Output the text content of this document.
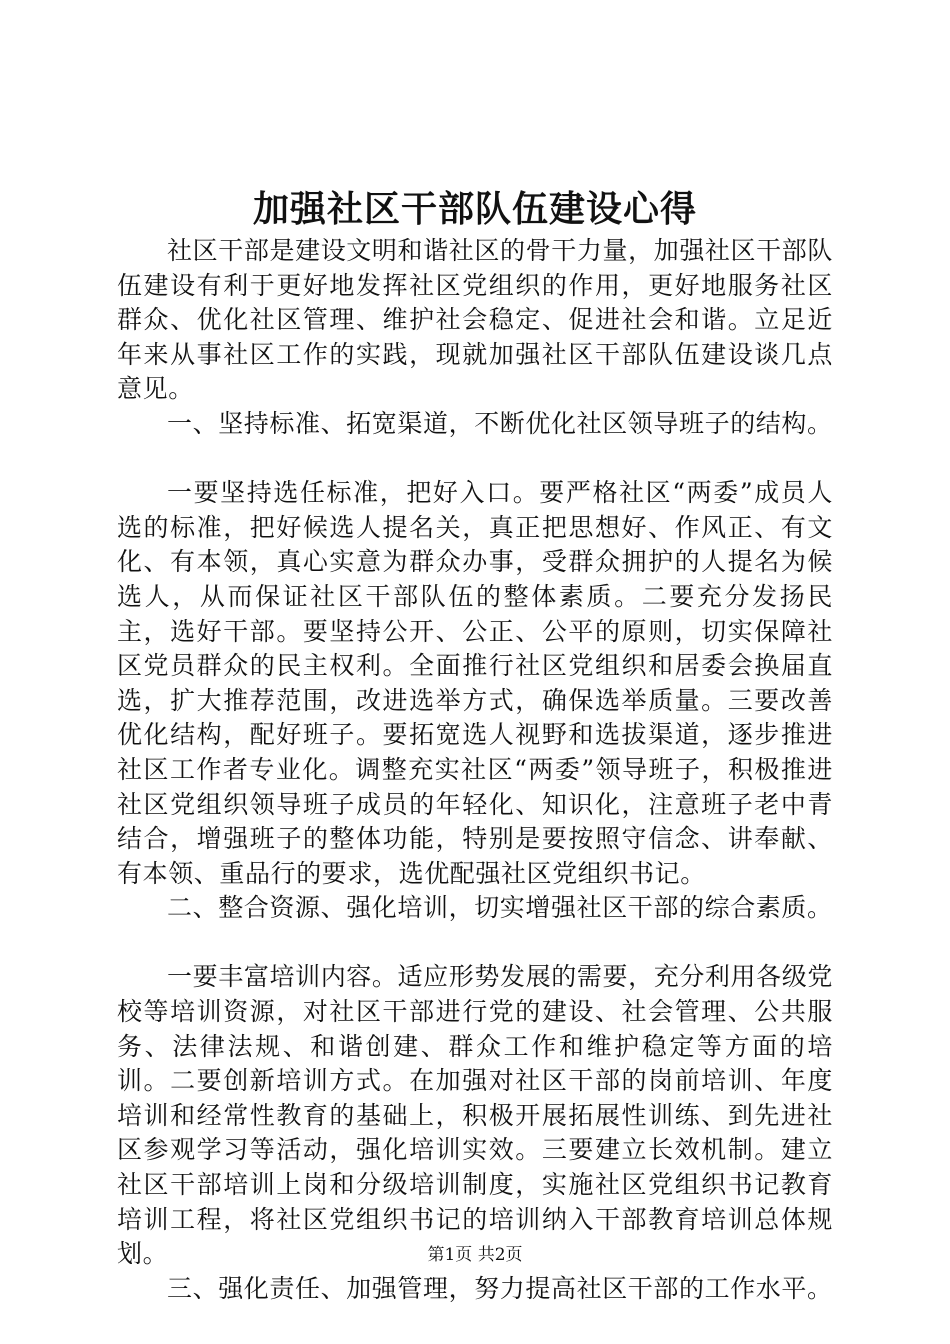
加强社区干部队伍建设心得

社区干部是建设文明和谐社区的骨干力量，加强社区干部队伍建设有利于更好地发挥社区党组织的作用，更好地服务社区群众、优化社区管理、维护社会稳定、促进社会和谐。立足近年来从事社区工作的实践，现就加强社区干部队伍建设谈几点意见。

一、坚持标准、拓宽渠道，不断优化社区领导班子的结构。

一要坚持选任标准，把好入口。要严格社区“两委”成员人选的标准，把好候选人提名关，真正把思想好、作风正、有文化、有本领，真心实意为群众办事，受群众拥护的人提名为候选人，从而保证社区干部队伍的整体素质。二要充分发扬民主，选好干部。要坚持公开、公正、公平的原则，切实保障社区党员群众的民主权利。全面推行社区党组织和居委会换届直选，扩大推荐范围，改进选举方式，确保选举质量。三要改善优化结构，配好班子。要拓宽选人视野和选拔渠道，逐步推进社区工作者专业化。调整充实社区“两委”领导班子，积极推进社区党组织领导班子成员的年轻化、知识化，注意班子老中青结合，增强班子的整体功能，特别是要按照守信念、讲奉献、有本领、重品行的要求，选优配强社区党组织书记。

二、整合资源、强化培训，切实增强社区干部的综合素质。

一要丰富培训内容。适应形势发展的需要，充分利用各级党校等培训资源，对社区干部进行党的建设、社会管理、公共服务、法律法规、和谐创建、群众工作和维护稳定等方面的培训。二要创新培训方式。在加强对社区干部的岗前培训、年度培训和经常性教育的基础上，积极开展拓展性训练、到先进社区参观学习等活动，强化培训实效。三要建立长效机制。建立社区干部培训上岗和分级培训制度，实施社区党组织书记教育培训工程，将社区党组织书记的培训纳入干部教育培训总体规划。

三、强化责任、加强管理，努力提高社区干部的工作水平。

第1页 共2页
